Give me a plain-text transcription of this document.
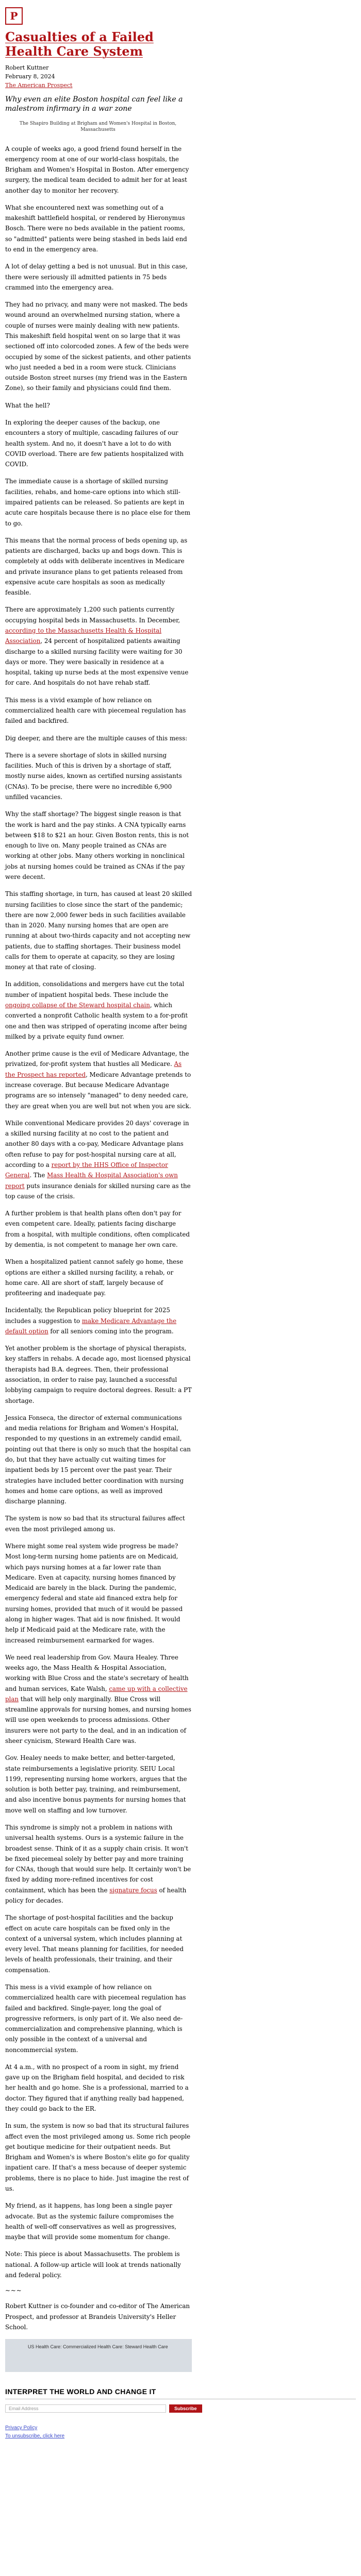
P
Casualties of a Failed Health Care System
Robert Kuttner
February 8, 2024
The American Prospect
Why even an elite Boston hospital can feel like a malestrom infirmary in a war zone
The Shapiro Building at Brigham and Women's Hospital in Boston, Massachusetts

A couple of weeks ago, a good friend found herself in the emergency room at one of our world-class hospitals, the Brigham and Women's Hospital in Boston. After emergency surgery, the medical team decided to admit her for at least another day to monitor her recovery.

What she encountered next was something out of a makeshift battlefield hospital, or rendered by Hieronymus Bosch. There were no beds available in the patient rooms, so "admitted" patients were being stashed in beds laid end to end in the emergency area.

A lot of delay getting a bed is not unusual. But in this case, there were seriously ill admitted patients in 75 beds crammed into the emergency area.

They had no privacy, and many were not masked. The beds wound around an overwhelmed nursing station, where a couple of nurses were mainly dealing with new patients. This makeshift field hospital went on so large that it was sectioned off into colorcoded zones. A few of the beds were occupied by some of the sickest patients, and other patients who just needed a bed in a room were stuck. Clinicians outside Boston street nurses (my friend was in the Eastern Zone), so their family and physicians could find them.

What the hell?

In exploring the deeper causes of the backup, one encounters a story of multiple, cascading failures of our health system. And no, it doesn't have a lot to do with COVID overload. There are few patients hospitalized with COVID.

The immediate cause is a shortage of skilled nursing facilities, rehabs, and home-care options into which still-impaired patients can be released. So patients are kept in acute care hospitals because there is no place else for them to go.

This means that the normal process of beds opening up, as patients are discharged, backs up and bogs down. This is completely at odds with deliberate incentives in Medicare and private insurance plans to get patients released from expensive acute care hospitals as soon as medically feasible.

There are approximately 1,200 such patients currently occupying hospital beds in Massachusetts. In December, according to the Massachusetts Health & Hospital Association, 24 percent of hospitalized patients awaiting discharge to a skilled nursing facility were waiting for 30 days or more. They were basically in residence at a hospital, taking up nurse beds at the most expensive venue for care. And hospitals do not have rehab staff.

This mess is a vivid example of how reliance on commercialized health care with piecemeal regulation has failed and backfired.

Dig deeper, and there are the multiple causes of this mess:

There is a severe shortage of slots in skilled nursing facilities. Much of this is driven by a shortage of staff, mostly nurse aides, known as certified nursing assistants (CNAs). To be precise, there were no incredible 6,900 unfilled vacancies.

Why the staff shortage? The biggest single reason is that the work is hard and the pay stinks. A CNA typically earns between $18 to $21 an hour. Given Boston rents, this is not enough to live on. Many people trained as CNAs are working at other jobs. Many others working in nonclinical jobs at nursing homes could be trained as CNAs if the pay were decent.

This staffing shortage, in turn, has caused at least 20 skilled nursing facilities to close since the start of the pandemic; there are now 2,000 fewer beds in such facilities available than in 2020. Many nursing homes that are open are running at about two-thirds capacity and not accepting new patients, due to staffing shortages. Their business model calls for them to operate at capacity, so they are losing money at that rate of closing.

In addition, consolidations and mergers have cut the total number of inpatient hospital beds. These include the ongoing collapse of the Steward hospital chain, which converted a nonprofit Catholic health system to a for-profit one and then was stripped of operating income after being milked by a private equity fund owner.

Another prime cause is the evil of Medicare Advantage, the privatized, for-profit system that hustles all Medicare. As the Prospect has reported, Medicare Advantage pretends to increase coverage. But because Medicare Advantage programs are so intensely "managed" to deny needed care, they are great when you are well but not when you are sick.

While conventional Medicare provides 20 days' coverage in a skilled nursing facility at no cost to the patient and another 80 days with a co-pay, Medicare Advantage plans often refuse to pay for post-hospital nursing care at all, according to a report by the HHS Office of Inspector General. The Mass Health & Hospital Association's own report puts insurance denials for skilled nursing care as the top cause of the crisis.

A further problem is that health plans often don't pay for even competent care. Ideally, patients facing discharge from a hospital, with multiple conditions, often complicated by dementia, is not competent to manage her own care.

When a hospitalized patient cannot safely go home, these options are either a skilled nursing facility, a rehab, or home care. All are short of staff, largely because of profiteering and inadequate pay.

Incidentally, the Republican policy blueprint for 2025 includes a suggestion to make Medicare Advantage the default option for all seniors coming into the program.

Yet another problem is the shortage of physical therapists, key staffers in rehabs. A decade ago, most licensed physical therapists had B.A. degrees. Then, their professional association, in order to raise pay, launched a successful lobbying campaign to require doctoral degrees. Result: a PT shortage.

Jessica Fonseca, the director of external communications and media relations for Brigham and Women's Hospital, responded to my questions in an extremely candid email, pointing out that there is only so much that the hospital can do, but that they have actually cut waiting times for inpatient beds by 15 percent over the past year. Their strategies have included better coordination with nursing homes and home care options, as well as improved discharge planning.

The system is now so bad that its structural failures affect even the most privileged among us.

Where might some real system wide progress be made? Most long-term nursing home patients are on Medicaid, which pays nursing homes at a far lower rate than Medicare. Even at capacity, nursing homes financed by Medicaid are barely in the black. During the pandemic, emergency federal and state aid financed extra help for nursing homes, provided that much of it would be passed along in higher wages. That aid is now finished. It would help if Medicaid paid at the Medicare rate, with the increased reimbursement earmarked for wages.

We need real leadership from Gov. Maura Healey. Three weeks ago, the Mass Health & Hospital Association, working with Blue Cross and the state's secretary of health and human services, Kate Walsh, came up with a collective plan that will help only marginally. Blue Cross will streamline approvals for nursing homes, and nursing homes will use open weekends to process admissions. Other insurers were not party to the deal, and in an indication of sheer cynicism, Steward Health Care was.

Gov. Healey needs to make better, and better-targeted, state reimbursements a legislative priority. SEIU Local 1199, representing nursing home workers, argues that the solution is both better pay, training, and reimbursement, and also incentive bonus payments for nursing homes that move well on staffing and low turnover.

This syndrome is simply not a problem in nations with universal health systems. Ours is a systemic failure in the broadest sense. Think of it as a supply chain crisis. It won't be fixed piecemeal solely by better pay and more training for CNAs, though that would sure help. It certainly won't be fixed by adding more-refined incentives for cost containment, which has been the signature focus of health policy for decades.

The shortage of post-hospital facilities and the backup effect on acute care hospitals can be fixed only in the context of a universal system, which includes planning at every level. That means planning for facilities, for needed levels of health professionals, their training, and their compensation.

This mess is a vivid example of how reliance on commercialized health care with piecemeal regulation has failed and backfired. Single-payer, long the goal of progressive reformers, is only part of it. We also need de-commercialization and comprehensive planning, which is only possible in the context of a universal and noncommercial system.

At 4 a.m., with no prospect of a room in sight, my friend gave up on the Brigham field hospital, and decided to risk her health and go home. She is a professional, married to a doctor. They figured that if anything really bad happened, they could go back to the ER.

In sum, the system is now so bad that its structural failures affect even the most privileged among us. Some rich people get boutique medicine for their outpatient needs. But Brigham and Women's is where Boston's elite go for quality inpatient care. If that's a mess because of deeper systemic problems, there is no place to hide. Just imagine the rest of us.

My friend, as it happens, has long been a single payer advocate. But as the systemic failure compromises the health of well-off conservatives as well as progressives, maybe that will provide some momentum for change.

Note: This piece is about Massachusetts. The problem is national. A follow-up article will look at trends nationally and federal policy.

~~~

Robert Kuttner is co-founder and co-editor of The American Prospect, and professor at Brandeis University's Heller School.

US Health Care: Commercialized Health Care: Steward Health Care
INTERPRET THE WORLD AND CHANGE IT
Email Address
Subscribe
Privacy Policy
To unsubscribe, click here
